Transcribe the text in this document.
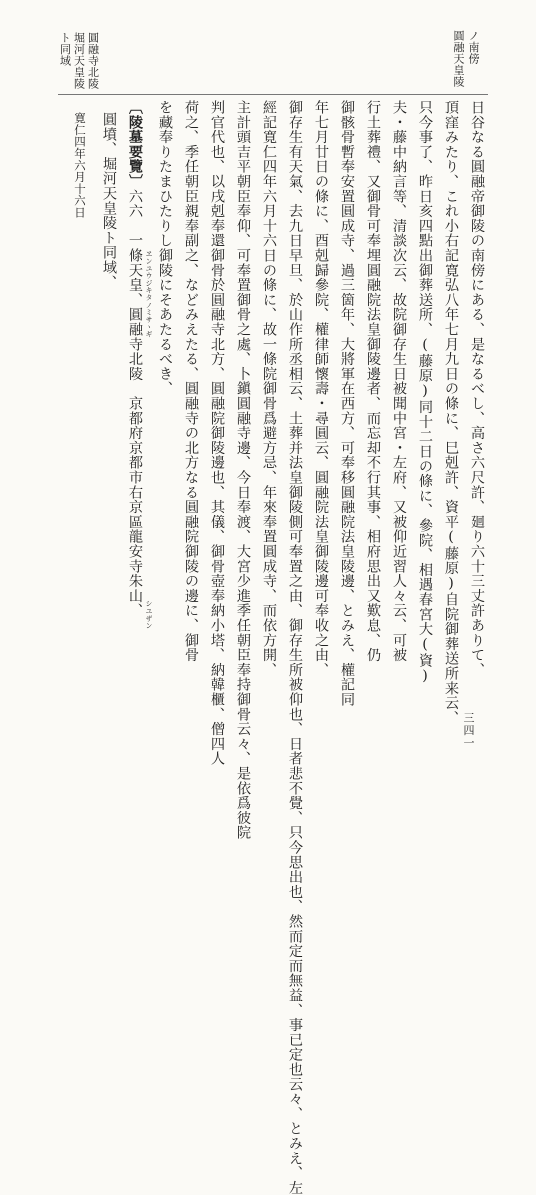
圓融天皇陵 ノ南傍
圓融寺北陵
堀河天皇陵
ト同域
日谷なる圓融帝御陵の南傍にある、是なるべし、高さ六尺許、廻り六十三丈許ありて、
頂窪みたり、これ小右記寛弘八年七月九日の條に、巳剋許、資平(藤原)自院御葬送所来云、
只今事了、昨日亥四點出御葬送所、(藤原)同十二日の條に、參院、相遇春宮大(資)
夫・藤中納言等、清談次云、故院御存生日被聞中宮・左府、又被仰近習人々云、可被
行土葬禮、又御骨可奉埋圓融院法皇御陵邊者、而忘却不行其事、相府思出又歎息、仍
御骸骨暫奉安置圓成寺、過三箇年、大將軍在西方、可奉移圓融院法皇陵邊、とみえ、權記同
年七月廿日の條に、酉剋歸參院、權律師懷壽・尋圓云、圓融院法皇御陵邊可奉收之由、
御存生有天氣、去九日早旦、於山作所丞相云、土葬并法皇御陵側可奉置之由、御存生所被仰也、日者悲不覺、只今思出也、然而定而無益、事已定也云々、とみえ、左
經記寛仁四年六月十六日の條に、故一條院御骨爲避方忌、年來奉置圓成寺、而依方開、
主計頭吉平朝臣奉仰、可奉置御骨之處、卜鎭圓融寺邊、今日奉渡、大宮少進季任朝臣奉持御骨云々、是依爲彼院
判官代也、以戌剋奉還御骨於圓融寺北方、圓融院御陵邊也、其儀、御骨壺奉納小塔、納韓櫃、僧四人
荷之、季任朝臣親奉副之、などみえたる、圓融寺の北方なる圓融院御陵の邊に、御骨
を藏奉りたまひたりし御陵にそあたるべき、
〔陵墓要覽〕六六　一條天皇、圓融寺北陵　京都府京都市右京區龍安寺朱山、 ヱンユウジキタノミサヽギ
シユザン
圓墳、堀河天皇陵ト同域、
寛仁四年六月十六日
三四一
